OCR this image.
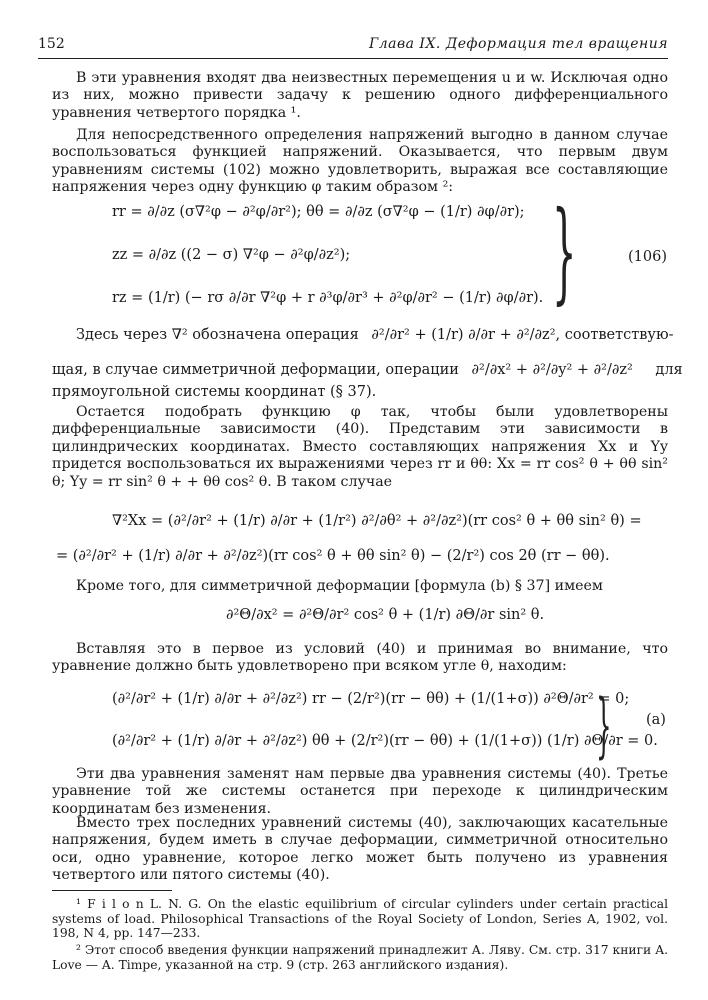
152	Глава IX. Деформация тел вращения

В эти уравнения входят два неизвестных перемещения u и w. Исключая одно из них, можно привести задачу к решению одного дифференциального уравнения четвертого порядка ¹.

Для непосредственного определения напряжений выгодно в данном случае воспользоваться функцией напряжений. Оказывается, что первым двум уравнениям системы (102) можно удовлетворить, выражая все составляющие напряжения через одну функцию φ таким образом ²:

rr = ∂/∂z (σ∇²φ − ∂²φ/∂r²); θθ = ∂/∂z (σ∇²φ − (1/r) ∂φ/∂r);
zz = ∂/∂z ((2 − σ) ∇²φ − ∂²φ/∂z²);
rz = (1/r) (− rσ ∂/∂r ∇²φ + r ∂³φ/∂r³ + ∂²φ/∂r² − (1/r) ∂φ/∂r). }	(106)
Здесь через ∇² обозначена операция ∂²/∂r² + (1/r) ∂/∂r + ∂²/∂z², соответствую-
щая, в случае симметричной деформации, операции ∂²/∂x² + ∂²/∂y² + ∂²/∂z² для
прямоугольной системы координат (§ 37).

Остается подобрать функцию φ так, чтобы были удовлетворены дифференциальные зависимости (40). Представим эти зависимости в цилиндрических координатах. Вместо составляющих напряжения Xx и Yy придется воспользоваться их выражениями через rr и θθ: Xx = rr cos² θ + θθ sin² θ; Yy = rr sin² θ + + θθ cos² θ. В таком случае

∇²Xx = (∂²/∂r² + (1/r) ∂/∂r + (1/r²) ∂²/∂θ² + ∂²/∂z²)(rr cos² θ + θθ sin² θ) =
= (∂²/∂r² + (1/r) ∂/∂r + ∂²/∂z²)(rr cos² θ + θθ sin² θ) − (2/r²) cos 2θ (rr − θθ).

Кроме того, для симметричной деформации [формула (b) § 37] имеем

∂²Θ/∂x² = ∂²Θ/∂r² cos² θ + (1/r) ∂Θ/∂r sin² θ.

Вставляя это в первое из условий (40) и принимая во внимание, что уравнение должно быть удовлетворено при всяком угле θ, находим:

(∂²/∂r² + (1/r) ∂/∂r + ∂²/∂z²) rr − (2/r²)(rr − θθ) + (1/(1+σ)) ∂²Θ/∂r² = 0;
(∂²/∂r² + (1/r) ∂/∂r + ∂²/∂z²) θθ + (2/r²)(rr − θθ) + (1/(1+σ)) (1/r) ∂Θ/∂r = 0.
} (a)

Эти два уравнения заменят нам первые два уравнения системы (40). Третье уравнение той же системы останется при переходе к цилиндрическим координатам без изменения.

Вместо трех последних уравнений системы (40), заключающих касательные напряжения, будем иметь в случае деформации, симметричной относительно оси, одно уравнение, которое легко может быть получено из уравнения четвертого или пятого системы (40).

¹ F i l o n L. N. G. On the elastic equilibrium of circular cylinders under certain practical systems of load. Philosophical Transactions of the Royal Society of London, Series A, 1902, vol. 198, N 4, pp. 147—233.

² Этот способ введения функции напряжений принадлежит А. Ляву. См. стр. 317 книги A. Love — A. Timpe, указанной на стр. 9 (стр. 263 английского издания).
